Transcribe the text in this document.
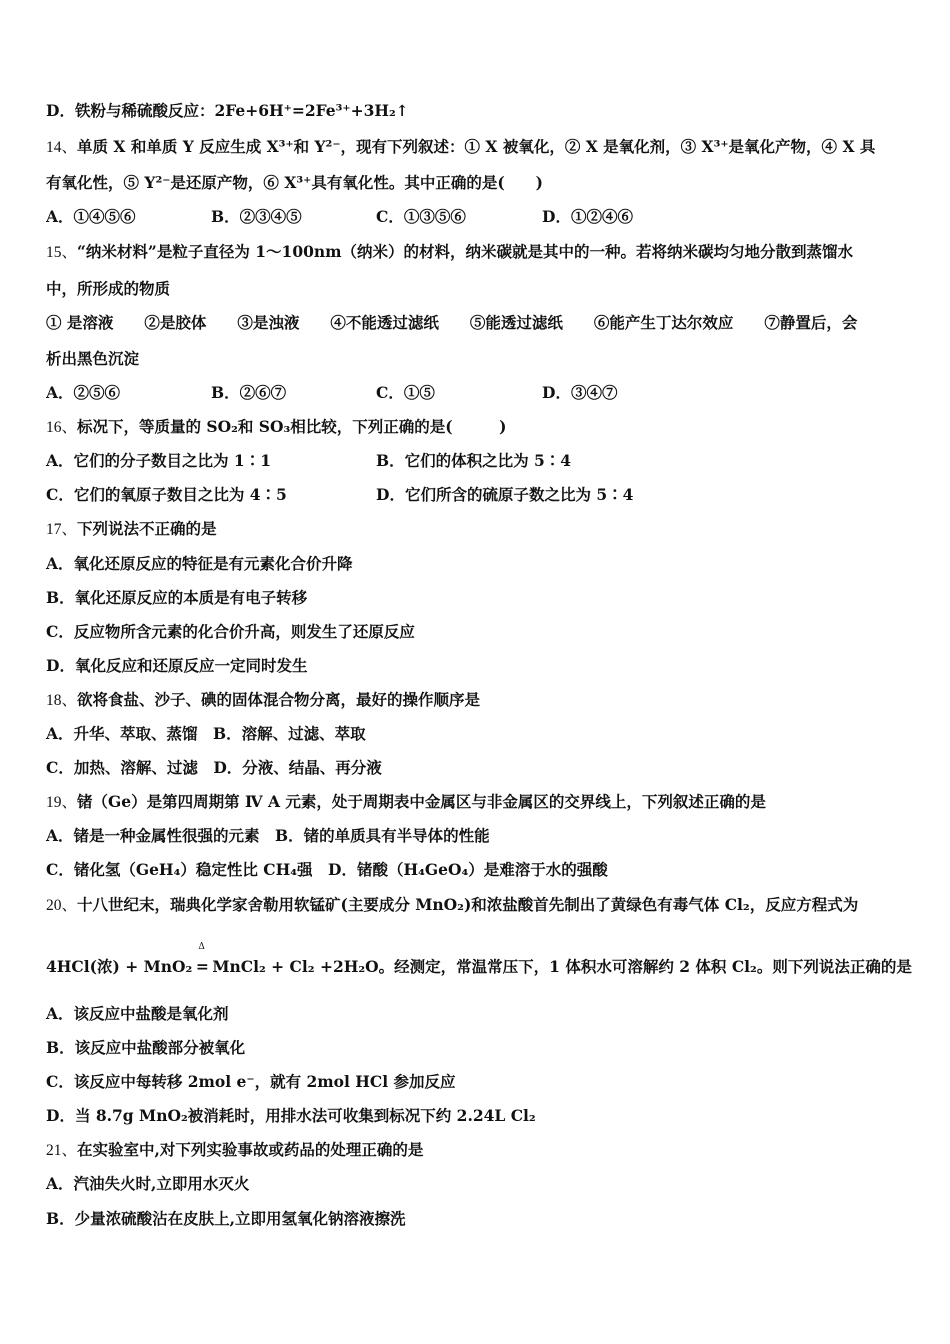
D．铁粉与稀硫酸反应：2Fe+6H⁺=2Fe³⁺+3H₂↑
14、单质 X 和单质 Y 反应生成 X³⁺和 Y²⁻，现有下列叙述：① X 被氧化，② X 是氧化剂，③ X³⁺是氧化产物，④ X 具
有氧化性，⑤ Y²⁻是还原产物，⑥ X³⁺具有氧化性。其中正确的是(　　)
A．①④⑤⑥	B．②③④⑤	C．①③⑤⑥	D．①②④⑥
15、“纳米材料”是粒子直径为 1～100nm（纳米）的材料，纳米碳就是其中的一种。若将纳米碳均匀地分散到蒸馏水
中，所形成的物质
① 是溶液　　②是胶体　　③是浊液　　④不能透过滤纸　　⑤能透过滤纸　　⑥能产生丁达尔效应　　⑦静置后，会
析出黑色沉淀
A．②⑤⑥	B．②⑥⑦	C．①⑤	D．③④⑦
16、标况下，等质量的 SO₂和 SO₃相比较，下列正确的是(　　　)
A．它们的分子数目之比为 1∶1	B．它们的体积之比为 5∶4
C．它们的氧原子数目之比为 4∶5	D．它们所含的硫原子数之比为 5∶4
17、下列说法不正确的是
A．氧化还原反应的特征是有元素化合价升降
B．氧化还原反应的本质是有电子转移
C．反应物所含元素的化合价升高，则发生了还原反应
D．氧化反应和还原反应一定同时发生
18、欲将食盐、沙子、碘的固体混合物分离，最好的操作顺序是
A．升华、萃取、蒸馏　B．溶解、过滤、萃取
C．加热、溶解、过滤　D．分液、结晶、再分液
19、锗（Ge）是第四周期第 Ⅳ A 元素，处于周期表中金属区与非金属区的交界线上，下列叙述正确的是
A．锗是一种金属性很强的元素　B．锗的单质具有半导体的性能
C．锗化氢（GeH₄）稳定性比 CH₄强　D．锗酸（H₄GeO₄）是难溶于水的强酸
20、十八世纪末，瑞典化学家舍勒用软锰矿(主要成分 MnO₂)和浓盐酸首先制出了黄绿色有毒气体 Cl₂，反应方程式为
4HCl(浓) + MnO₂
Δ
= MnCl₂ + Cl₂ +2H₂O。经测定，常温常压下，1 体积水可溶解约 2 体积 Cl₂。则下列说法正确的是
A．该反应中盐酸是氧化剂
B．该反应中盐酸部分被氧化
C．该反应中每转移 2mol e⁻，就有 2mol HCl 参加反应
D．当 8.7g MnO₂被消耗时，用排水法可收集到标况下约 2.24L Cl₂
21、在实验室中,对下列实验事故或药品的处理正确的是
A．汽油失火时,立即用水灭火
B．少量浓硫酸沾在皮肤上,立即用氢氧化钠溶液擦洗
